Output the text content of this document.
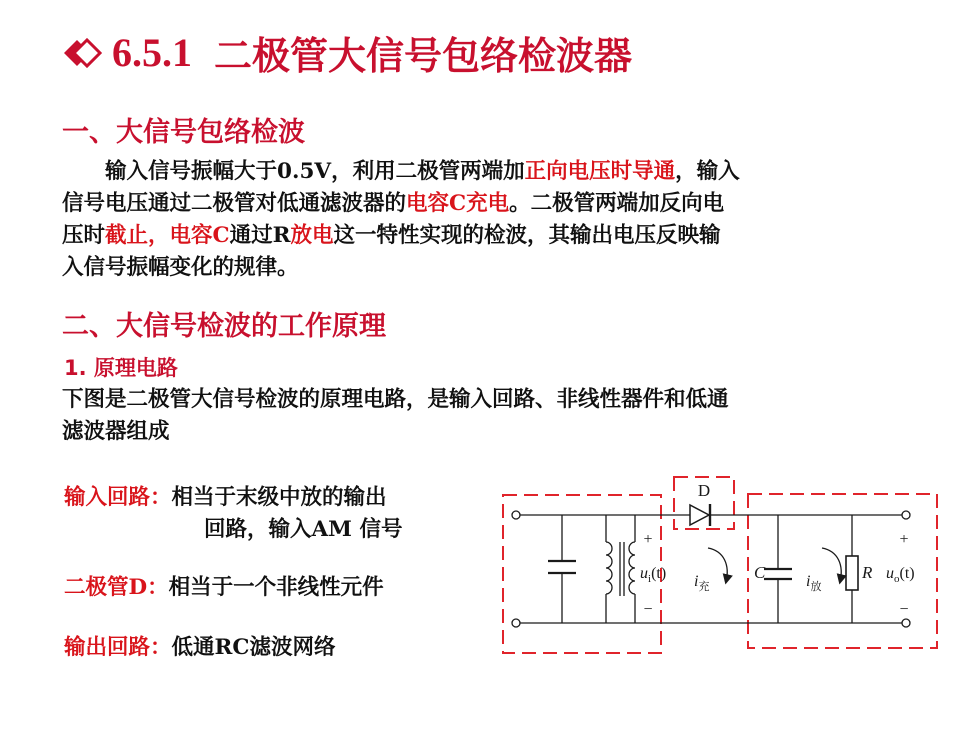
6.5.1 二极管大信号包络检波器
一、大信号包络检波
输入信号振幅大于0.5V，利用二极管两端加正向电压时导通，输入
信号电压通过二极管对低通滤波器的电容C充电。二极管两端加反向电
压时截止，电容C通过R放电这一特性实现的检波，其输出电压反映输
入信号振幅变化的规律。
二、大信号检波的工作原理
1. 原理电路
下图是二极管大信号检波的原理电路，是输入回路、非线性器件和低通
滤波器组成
输入回路：相当于末级中放的输出
回路，输入AM 信号
二极管D：相当于一个非线性元件
输出回路：低通RC滤波网络
D
+
−
$u_i(t)$ $i_充$
C	$i_放$
R $u_o(t)$
+
−
